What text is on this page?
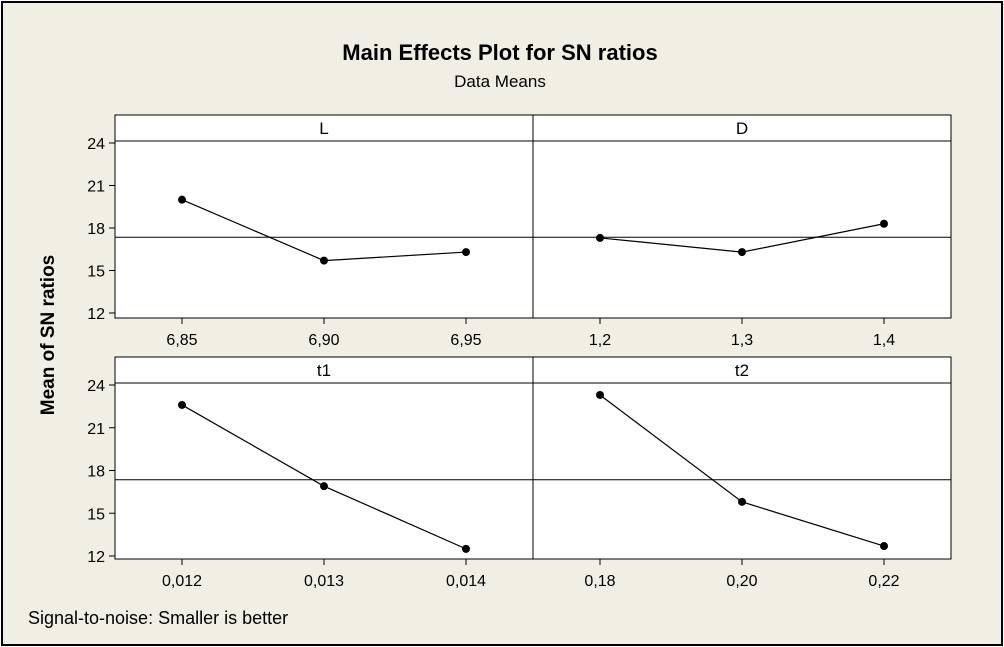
Main Effects Plot for SN ratios
Data Means
Mean of SN ratios
Signal-to-noise: Smaller is better
L
6,85	6,90	6,95
12
15
18
21
24
D
1,2	1,3	1,4
t1
0,012	0,013	0,014
12
15
18
21
24
t2
0,18	0,20	0,22
